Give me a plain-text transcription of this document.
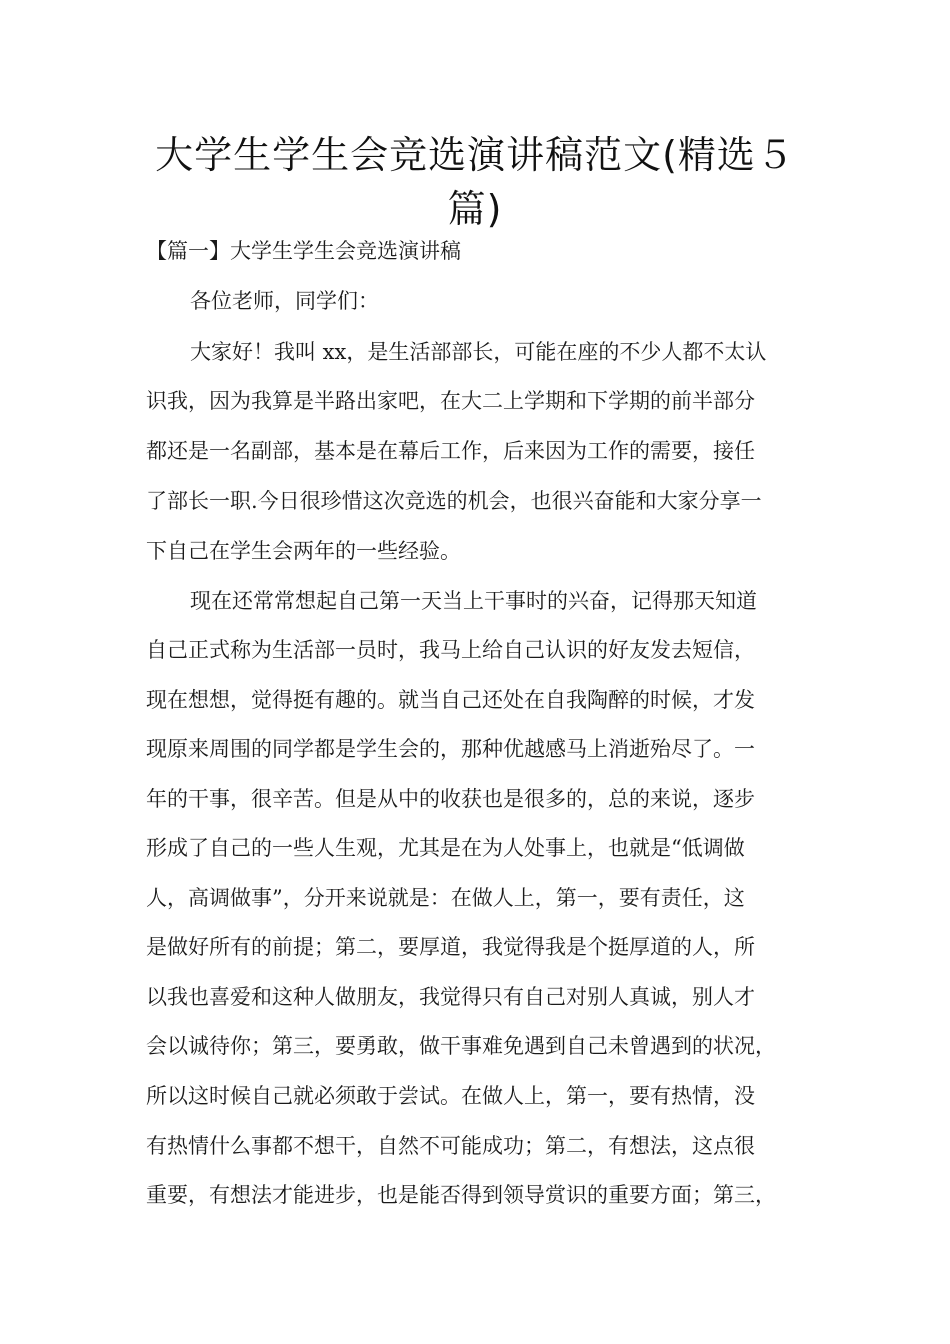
大学生学生会竞选演讲稿范文(精选５
篇)
【篇一】大学生学生会竞选演讲稿
各位老师，同学们：
大家好！我叫 xx，是生活部部长，可能在座的不少人都不太认
识我，因为我算是半路出家吧，在大二上学期和下学期的前半部分
都还是一名副部，基本是在幕后工作，后来因为工作的需要，接任
了部长一职.今日很珍惜这次竞选的机会，也很兴奋能和大家分享一
下自己在学生会两年的一些经验。
现在还常常想起自己第一天当上干事时的兴奋，记得那天知道
自己正式称为生活部一员时，我马上给自己认识的好友发去短信，
现在想想，觉得挺有趣的。就当自己还处在自我陶醉的时候，才发
现原来周围的同学都是学生会的，那种优越感马上消逝殆尽了。一
年的干事，很辛苦。但是从中的收获也是很多的，总的来说，逐步
形成了自己的一些人生观，尤其是在为人处事上，也就是“低调做
人，高调做事”，分开来说就是：在做人上，第一，要有责任，这
是做好所有的前提；第二，要厚道，我觉得我是个挺厚道的人，所
以我也喜爱和这种人做朋友，我觉得只有自己对别人真诚，别人才
会以诚待你；第三，要勇敢，做干事难免遇到自己未曾遇到的状况，
所以这时候自己就必须敢于尝试。在做人上，第一，要有热情，没
有热情什么事都不想干，自然不可能成功；第二，有想法，这点很
重要，有想法才能进步，也是能否得到领导赏识的重要方面；第三，
